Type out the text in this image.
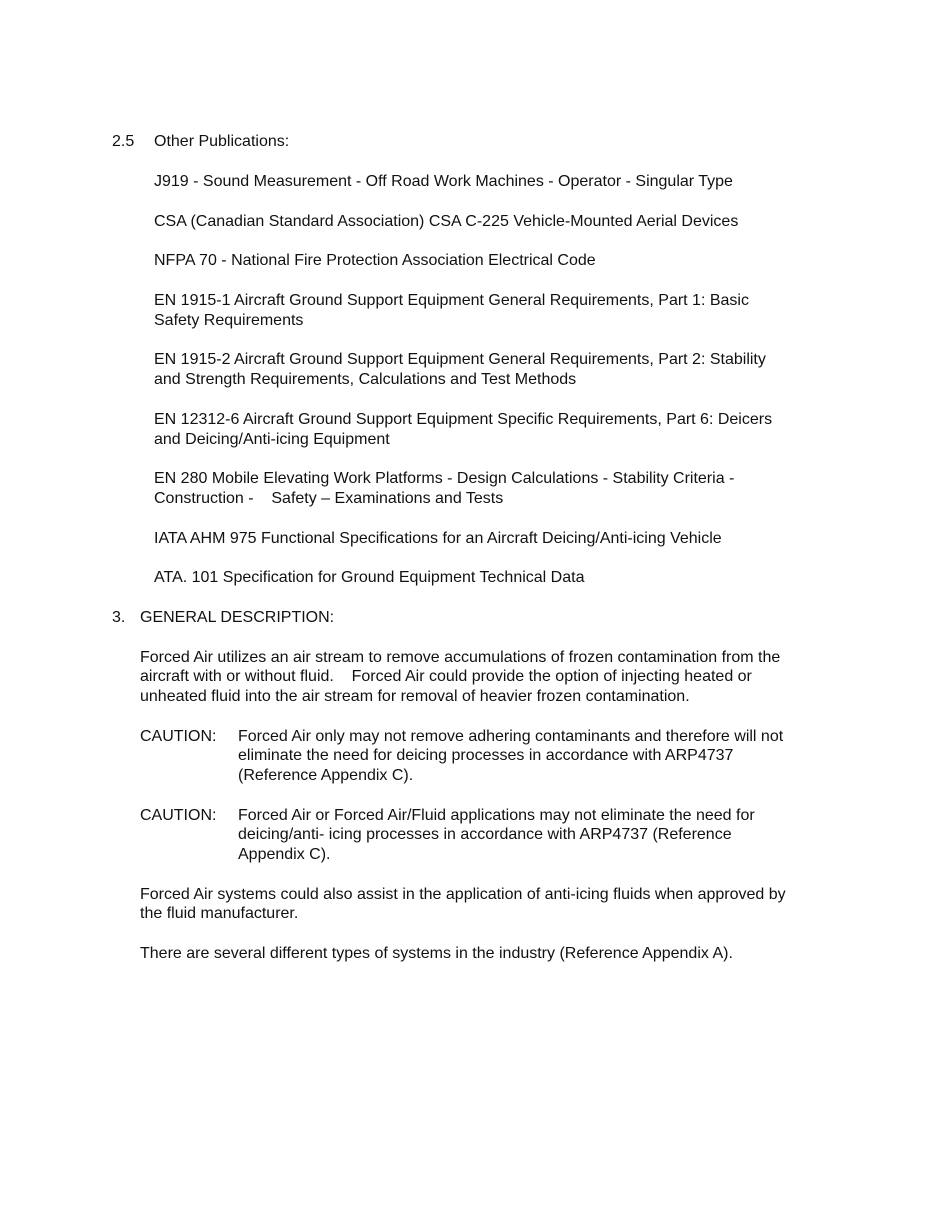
2.5 Other Publications:
J919 - Sound Measurement - Off Road Work Machines - Operator - Singular Type
CSA (Canadian Standard Association) CSA C-225 Vehicle-Mounted Aerial Devices
NFPA 70 - National Fire Protection Association Electrical Code
EN 1915-1 Aircraft Ground Support Equipment General Requirements, Part 1: Basic
Safety Requirements
EN 1915-2 Aircraft Ground Support Equipment General Requirements, Part 2: Stability
and Strength Requirements, Calculations and Test Methods
EN 12312-6 Aircraft Ground Support Equipment Specific Requirements, Part 6: Deicers
and Deicing/Anti-icing Equipment
EN 280 Mobile Elevating Work Platforms - Design Calculations - Stability Criteria -
Construction -    Safety – Examinations and Tests
IATA AHM 975 Functional Specifications for an Aircraft Deicing/Anti-icing Vehicle
ATA. 101 Specification for Ground Equipment Technical Data
3. GENERAL DESCRIPTION:
Forced Air utilizes an air stream to remove accumulations of frozen contamination from the
aircraft with or without fluid.    Forced Air could provide the option of injecting heated or
unheated fluid into the air stream for removal of heavier frozen contamination.
CAUTION: Forced Air only may not remove adhering contaminants and therefore will not
eliminate the need for deicing processes in accordance with ARP4737
(Reference Appendix C).
CAUTION: Forced Air or Forced Air/Fluid applications may not eliminate the need for
deicing/anti- icing processes in accordance with ARP4737 (Reference
Appendix C).
Forced Air systems could also assist in the application of anti-icing fluids when approved by
the fluid manufacturer.
There are several different types of systems in the industry (Reference Appendix A).
